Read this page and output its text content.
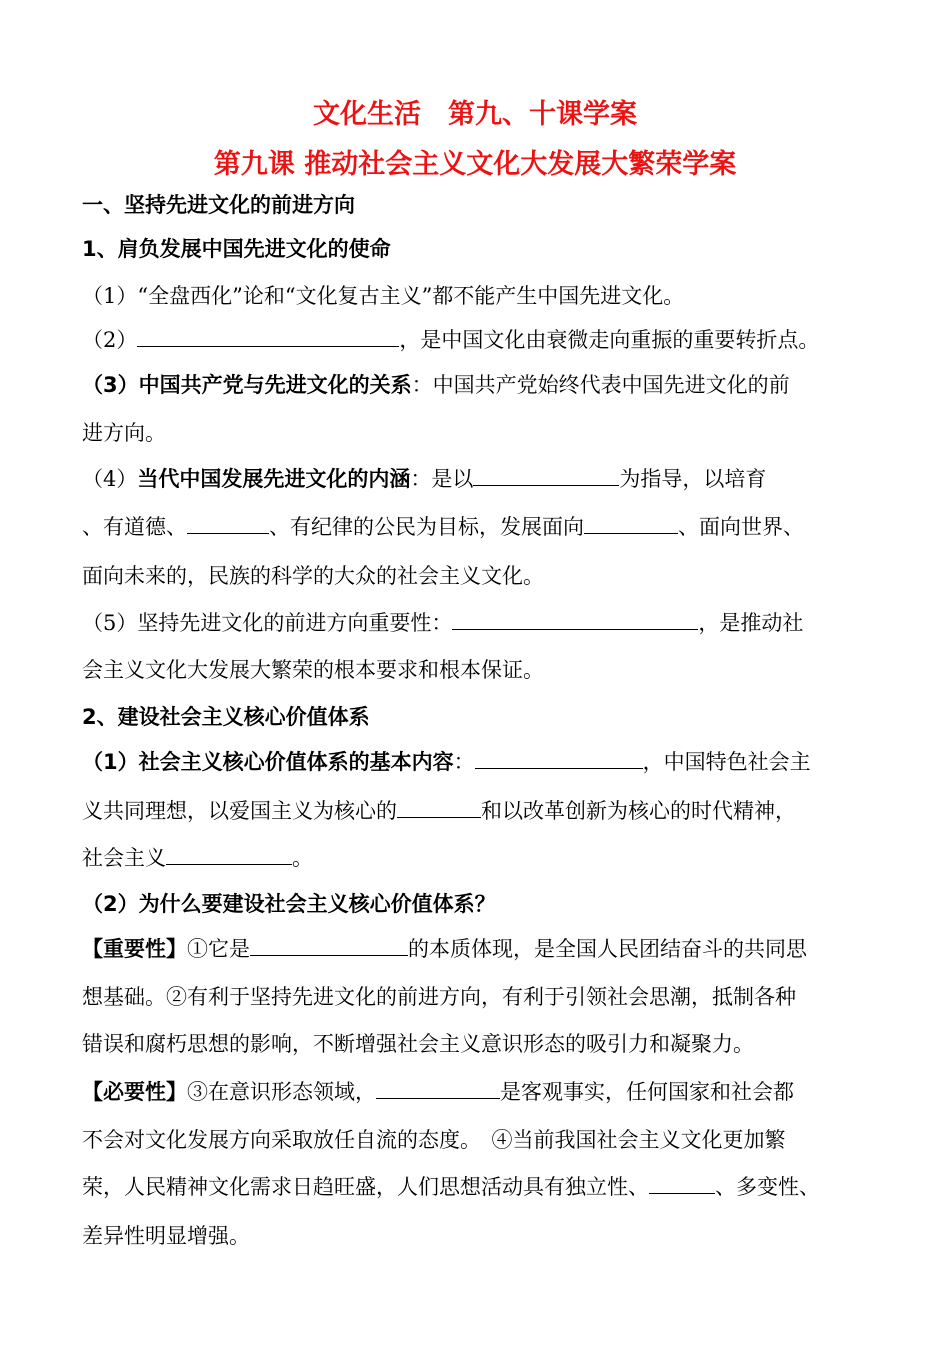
文化生活　第九、十课学案
第九课 推动社会主义文化大发展大繁荣学案
一、坚持先进文化的前进方向
1、肩负发展中国先进文化的使命
（1）“全盘西化”论和“文化复古主义”都不能产生中国先进文化。
（2）	，是中国文化由衰微走向重振的重要转折点。
（3）中国共产党与先进文化的关系：中国共产党始终代表中国先进文化的前
进方向。
（4）当代中国发展先进文化的内涵：是以	为指导，以培育
、有道德、	、有纪律的公民为目标，发展面向	、面向世界、
面向未来的，民族的科学的大众的社会主义文化。
（5）坚持先进文化的前进方向重要性：	，是推动社
会主义文化大发展大繁荣的根本要求和根本保证。
2、建设社会主义核心价值体系
（1）社会主义核心价值体系的基本内容：	，中国特色社会主
义共同理想，以爱国主义为核心的	和以改革创新为核心的时代精神，
社会主义	。
（2）为什么要建设社会主义核心价值体系？
【重要性】①它是	的本质体现，是全国人民团结奋斗的共同思
想基础。②有利于坚持先进文化的前进方向，有利于引领社会思潮，抵制各种
错误和腐朽思想的影响，不断增强社会主义意识形态的吸引力和凝聚力。
【必要性】③在意识形态领域，	是客观事实，任何国家和社会都
不会对文化发展方向采取放任自流的态度。　④当前我国社会主义文化更加繁
荣，人民精神文化需求日趋旺盛，人们思想活动具有独立性、	、多变性、
差异性明显增强。
